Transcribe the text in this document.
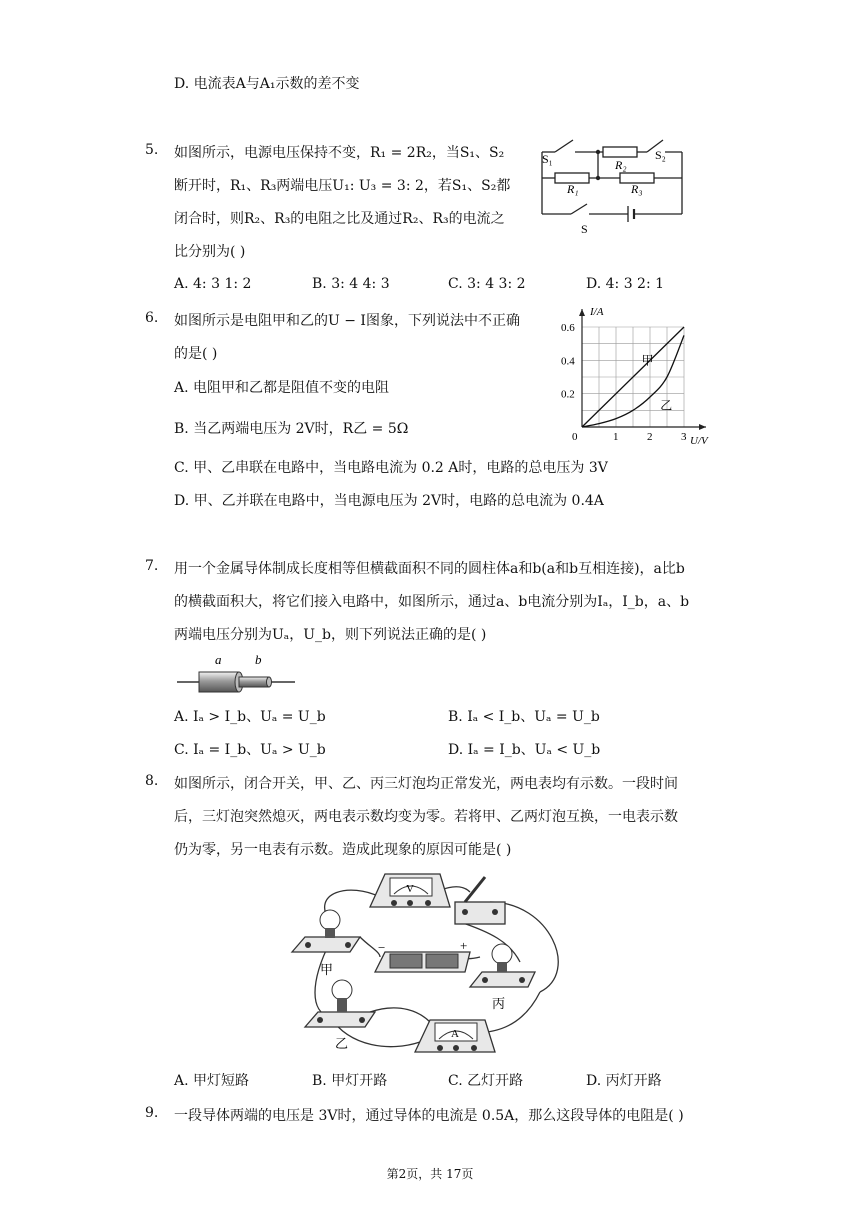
D. 电流表A与A₁示数的差不变
5. 如图所示，电源电压保持不变，R₁ = 2R₂，当S₁、S₂
断开时，R₁、R₃两端电压U₁: U₃ = 3: 2，若S₁、S₂都
闭合时，则R₂、R₃的电阻之比及通过R₂、R₃的电流之
比分别为( )
S₁	R₂
S₂
R₁	R₃
S
A. 4: 3 1: 2	B. 3: 4 4: 3	C. 3: 4 3: 2	D. 4: 3 2: 1
6. 如图所示是电阻甲和乙的U − I图象，下列说法中不正确
的是( )
A. 电阻甲和乙都是阻值不变的电阻
B. 当乙两端电压为 2V时，R乙 = 5Ω
C. 甲、乙串联在电路中，当电路电流为 0.2 A时，电路的总电压为 3V
D. 甲、乙并联在电路中，当电源电压为 2V时，电路的总电流为 0.4A
0	1	2	3
0.2
0.4
0.6
U/V
I/A
甲
乙
7. 用一个金属导体制成长度相等但横截面积不同的圆柱体a和b(a和b互相连接)，a比b
的横截面积大，将它们接入电路中，如图所示，通过a、b电流分别为Iₐ，I_b，a、b
两端电压分别为Uₐ，U_b，则下列说法正确的是( )
a	b
A. Iₐ > I_b、Uₐ = U_b	B. Iₐ < I_b、Uₐ = U_b
C. Iₐ = I_b、Uₐ > U_b	D. Iₐ = I_b、Uₐ < U_b
8. 如图所示，闭合开关，甲、乙、丙三灯泡均正常发光，两电表均有示数。一段时间
后，三灯泡突然熄灭，两电表示数均变为零。若将甲、乙两灯泡互换，一电表示数
仍为零，另一电表有示数。造成此现象的原因可能是( )
V
甲
−	+
丙
乙
A
A. 甲灯短路	B. 甲灯开路	C. 乙灯开路	D. 丙灯开路
9. 一段导体两端的电压是 3V时，通过导体的电流是 0.5A，那么这段导体的电阻是( )
第2页，共 17页
